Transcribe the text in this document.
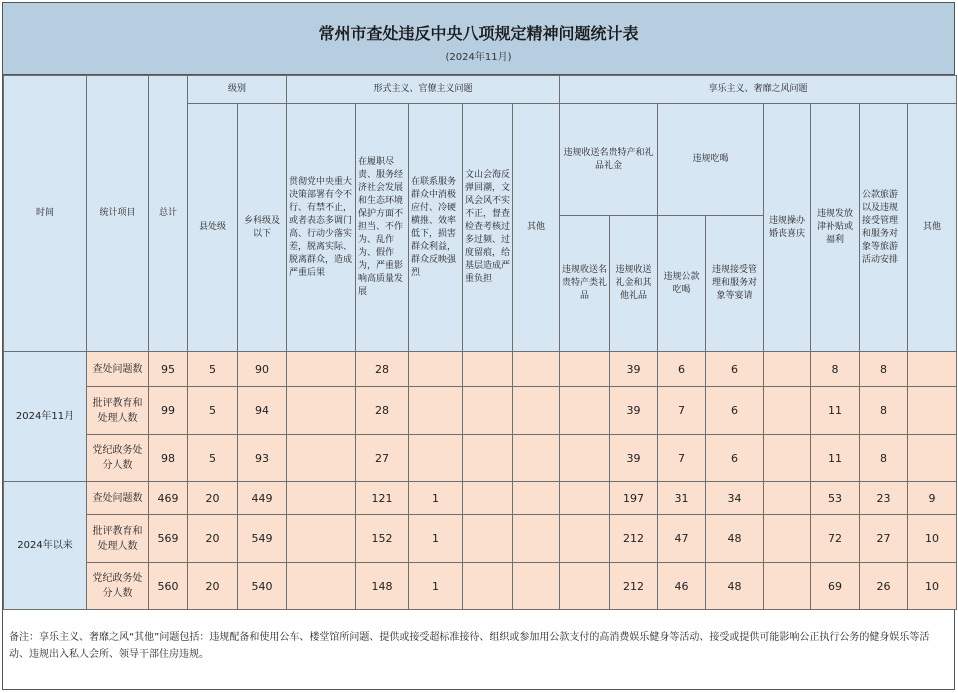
常州市查处违反中央八项规定精神问题统计表
(2024年11月)
时间	统计项目	总计	级别		形式主义、官僚主义问题					享乐主义、奢靡之风问题							
			县处级	乡科级及以下	贯彻党中央重大决策部署有令不行、有禁不止，或者表态多调门高、行动少落实差，脱离实际、脱离群众，造成严重后果	在履职尽责、服务经济社会发展和生态环境保护方面不担当、不作为、乱作为、假作为，严重影响高质量发展	在联系服务群众中消极应付、冷硬横推、效率低下，损害群众利益，群众反映强烈	文山会海反弹回潮，文风会风不实不正，督查检查考核过多过频、过度留痕，给基层造成严重负担	其他	违规收送名贵特产和礼品礼金		违规吃喝		违规操办婚丧喜庆	违规发放津补贴或福利	公款旅游以及违规接受管理和服务对象等旅游活动安排	其他
										违规收送名贵特产类礼品	违规收送礼金和其他礼品	违规公款吃喝	违规接受管理和服务对象等宴请				
2024年11月	查处问题数	95	5	90		28					39	6	6		8	8	
	批评教育和处理人数	99	5	94		28					39	7	6		11	8	
	党纪政务处分人数	98	5	93		27					39	7	6		11	8	
2024年以来	查处问题数	469	20	449		121	1				197	31	34		53	23	9
	批评教育和处理人数	569	20	549		152	1				212	47	48		72	27	10
	党纪政务处分人数	560	20	540		148	1				212	46	48		69	26	10
备注：享乐主义、奢靡之风“其他”问题包括：违规配备和使用公车、楼堂馆所问题、提供或接受超标准接待、组织或参加用公款支付的高消费娱乐健身等活动、接受或提供可能影响公正执行公务的健身娱乐等活动、违规出入私人会所、领导干部住房违规。
